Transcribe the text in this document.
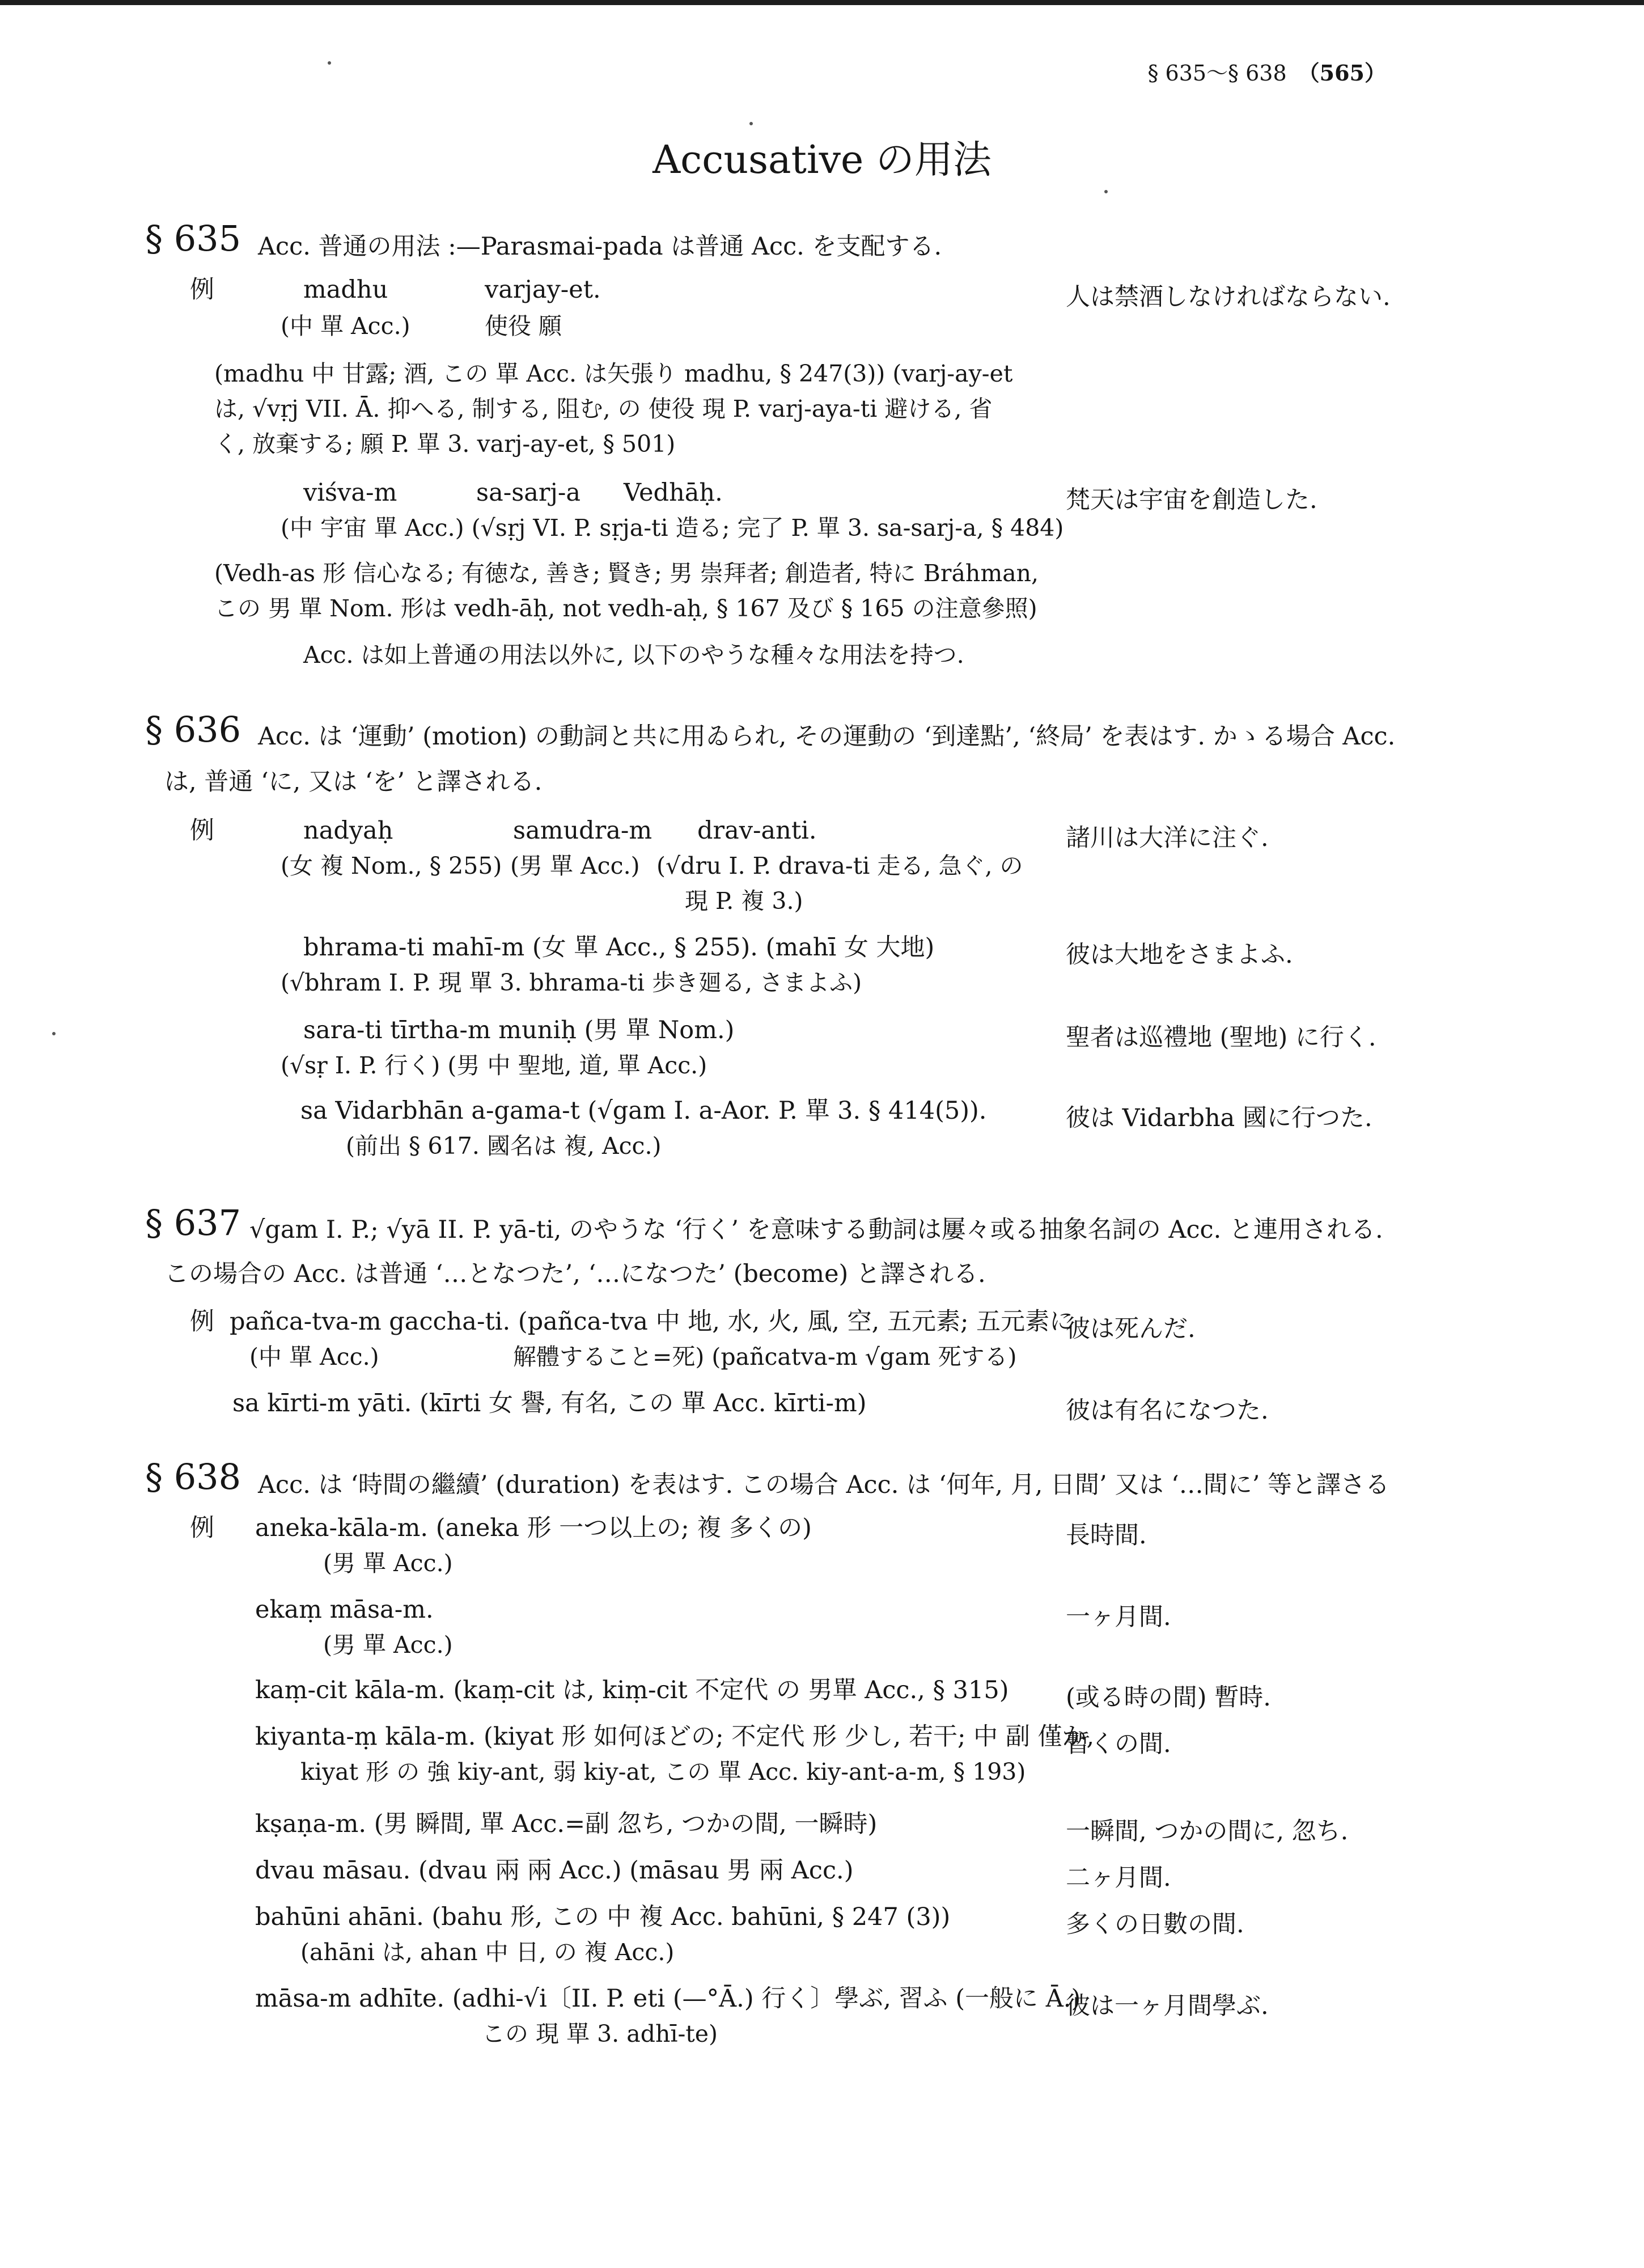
§ 635〜§ 638 （565）
Accusative の用法
§ 635 Acc. 普通の用法 :—Parasmai-pada は普通 Acc. を支配する.
例	madhu	varjay-et.
(中 單 Acc.)	使役 願
人は禁酒しなければならない.
(madhu 中 甘露; 酒, この 單 Acc. は矢張り madhu, § 247(3)) (varj-ay-et
は, √vṛj VII. Ā. 抑へる, 制する, 阻む, の 使役 現 P. varj-aya-ti 避ける, 省
く, 放棄する; 願 P. 單 3. varj-ay-et, § 501)
viśva-m	sa-sarj-a Vedhāḥ.
(中 宇宙 單 Acc.) (√sṛj VI. P. sṛja-ti 造る; 完了 P. 單 3. sa-sarj-a, § 484)
梵天は宇宙を創造した.
(Vedh-as 形 信心なる; 有徳な, 善き; 賢き; 男 崇拜者; 創造者, 特に Bráhman,
この 男 單 Nom. 形は vedh-āḥ, not vedh-aḥ, § 167 及び § 165 の注意參照)
Acc. は如上普通の用法以外に, 以下のやうな種々な用法を持つ.
§ 636 Acc. は ‘運動’ (motion) の動詞と共に用ゐられ, その運動の ‘到達點’, ‘終局’ を表はす. かゝる場合 Acc.
は, 普通 ‘に, 又は ‘を’ と譯される.
例	nadyaḥ	samudra-m drav-anti.
(女 複 Nom., § 255) (男 單 Acc.) (√dru I. P. drava-ti 走る, 急ぐ, の
現 P. 複 3.)
諸川は大洋に注ぐ.
bhrama-ti mahī-m (女 單 Acc., § 255). (mahī 女 大地)
(√bhram I. P. 現 單 3. bhrama-ti 歩き廻る, さまよふ)
彼は大地をさまよふ.
sara-ti tīrtha-m muniḥ (男 單 Nom.)
(√sṛ I. P. 行く) (男 中 聖地, 道, 單 Acc.)
聖者は巡禮地 (聖地) に行く.
sa Vidarbhān a-gama-t (√gam I. a-Aor. P. 單 3. § 414(5)).
(前出 § 617. 國名は 複, Acc.)
彼は Vidarbha 國に行つた.
§ 637 √gam I. P.; √yā II. P. yā-ti, のやうな ‘行く’ を意味する動詞は屢々或る抽象名詞の Acc. と連用される.
この場合の Acc. は普通 ‘…となつた’, ‘…になつた’ (become) と譯される.
例 pañca-tva-m gaccha-ti. (pañca-tva 中 地, 水, 火, 風, 空, 五元素; 五元素に
(中 單 Acc.)	解體すること=死) (pañcatva-m √gam 死する)
彼は死んだ.
sa kīrti-m yāti. (kīrti 女 譽, 有名, この 單 Acc. kīrti-m)	彼は有名になつた.
§ 638 Acc. は ‘時間の繼續’ (duration) を表はす. この場合 Acc. は ‘何年, 月, 日間’ 又は ‘…間に’ 等と譯さる
例 aneka-kāla-m. (aneka 形 一つ以上の; 複 多くの)
(男 單 Acc.)
長時間.
ekaṃ māsa-m.
(男 單 Acc.)
一ヶ月間.
kaṃ-cit kāla-m. (kaṃ-cit は, kiṃ-cit 不定代 の 男單 Acc., § 315) (或る時の間) 暫時.
kiyanta-ṃ kāla-m. (kiyat 形 如何ほどの; 不定代 形 少し, 若干; 中 副 僅か,
kiyat 形 の 強 kiy-ant, 弱 kiy-at, この 單 Acc. kiy-ant-a-m, § 193)
暫くの間.
kṣaṇa-m. (男 瞬間, 單 Acc.=副 忽ち, つかの間, 一瞬時)	一瞬間, つかの間に, 忽ち.
dvau māsau. (dvau 兩 兩 Acc.) (māsau 男 兩 Acc.)	二ヶ月間.
bahūni ahāni. (bahu 形, この 中 複 Acc. bahūni, § 247 (3))
(ahāni は, ahan 中 日, の 複 Acc.)
多くの日數の間.
māsa-m adhīte. (adhi-√i〔II. P. eti (—°Ā.) 行く〕學ぶ, 習ふ (一般に Ā.)
この 現 單 3. adhī-te)
彼は一ヶ月間學ぶ.
